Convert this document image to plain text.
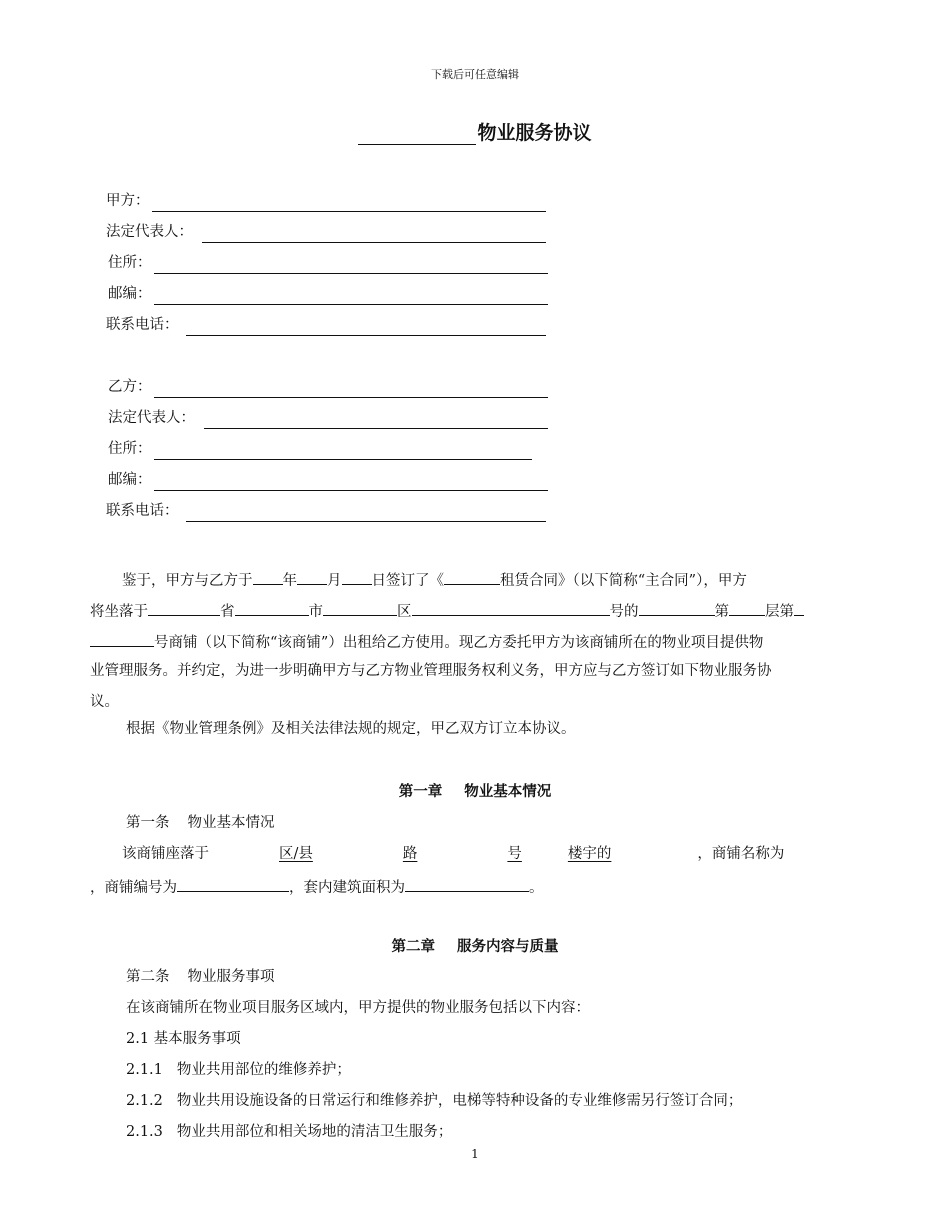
下载后可任意编辑
物业服务协议
甲方：
法定代表人：
住所：
邮编：
联系电话：
乙方：
法定代表人：
住所：
邮编：
联系电话：
鉴于，甲方与乙方于 年 月 日签订了《	租赁合同》（以下简称“主合同”），甲方
将坐落于	省	市	区	号的	第 层第
号商铺（以下简称“该商铺”）出租给乙方使用。现乙方委托甲方为该商铺所在的物业项目提供物
业管理服务。并约定，为进一步明确甲方与乙方物业管理服务权利义务，甲方应与乙方签订如下物业服务协
议。
根据《物业管理条例》及相关法律法规的规定，甲乙双方订立本协议。
第一章 物业基本情况
第一条 物业基本情况
该商铺座落于	区/县	路	号	楼宇的	，商铺名称为
，商铺编号为	，套内建筑面积为	。
第二章 服务内容与质量
第二条 物业服务事项
在该商铺所在物业项目服务区域内，甲方提供的物业服务包括以下内容：
2.1 基本服务事项
2.1.1 物业共用部位的维修养护；
2.1.2 物业共用设施设备的日常运行和维修养护，电梯等特种设备的专业维修需另行签订合同；
2.1.3 物业共用部位和相关场地的清洁卫生服务；
1
